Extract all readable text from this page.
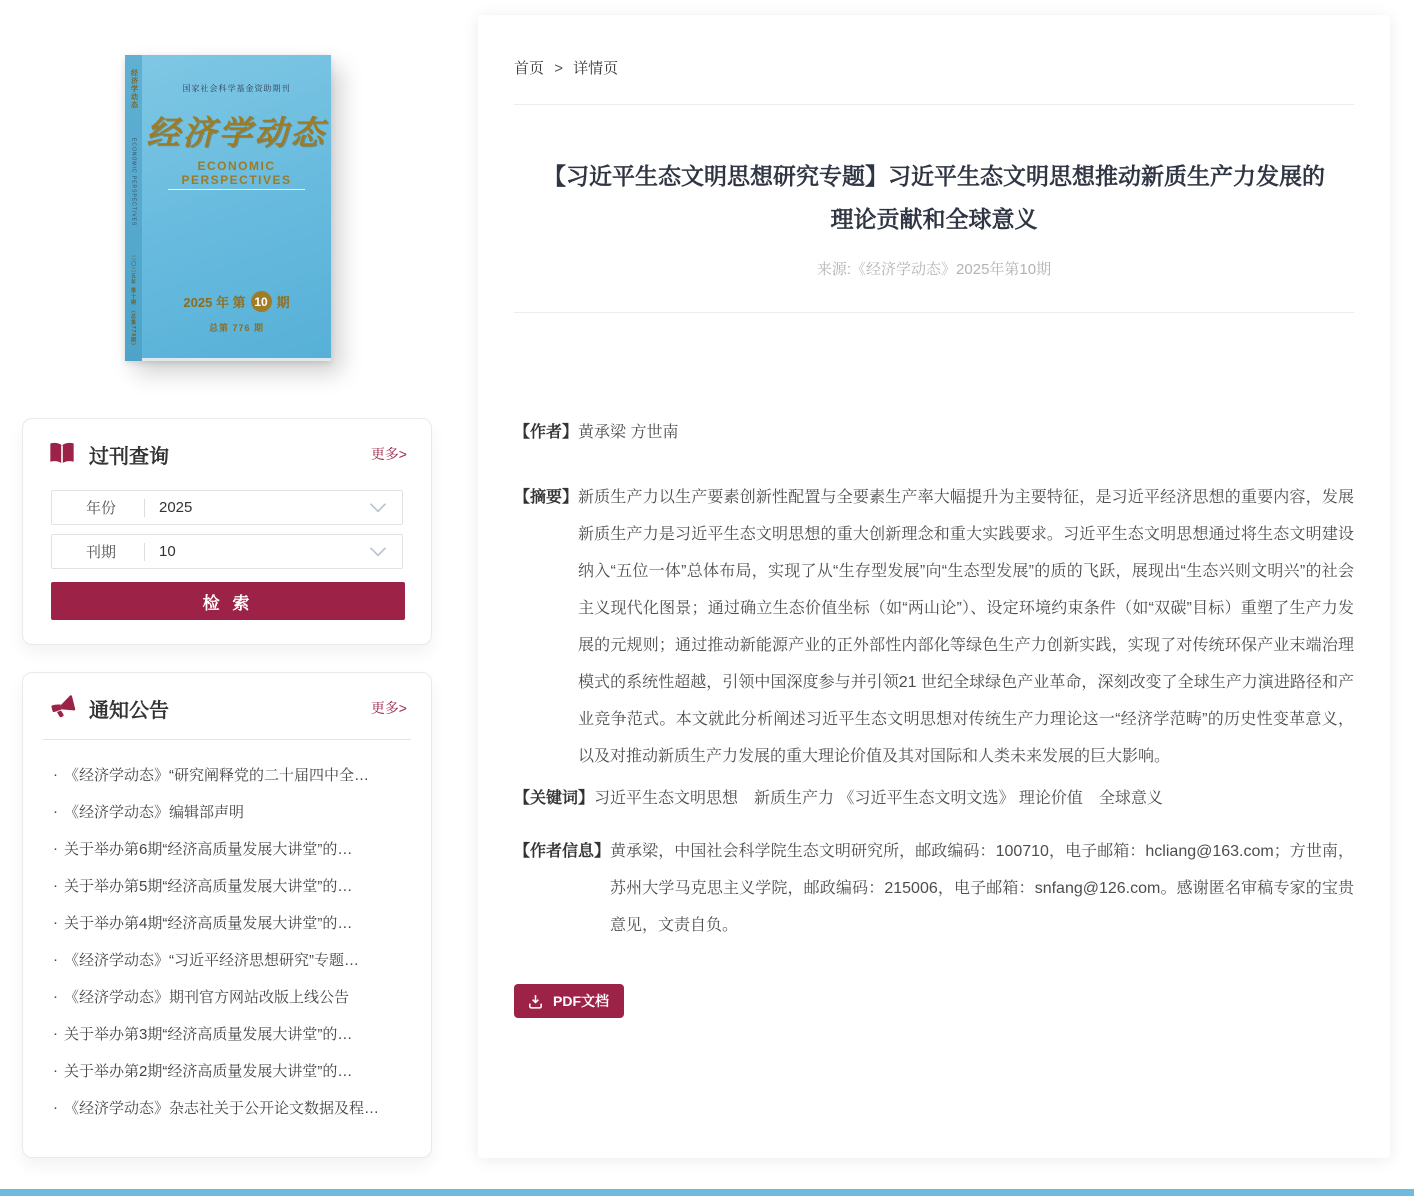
经济学动态
ECONOMIC PERSPECTIVES
二〇二五年 第十期 （总第776期）
国家社会科学基金资助期刊
经济学动态
ECONOMIC PERSPECTIVES
2025 年 第 10 期
总第 776 期
过刊查询	更多>
年份	2025
刊期	10
检 索
通知公告	更多>
· 《经济学动态》“研究阐释党的二十届四中全…
· 《经济学动态》编辑部声明
· 关于举办第6期“经济高质量发展大讲堂”的…
· 关于举办第5期“经济高质量发展大讲堂”的…
· 关于举办第4期“经济高质量发展大讲堂”的…
· 《经济学动态》“习近平经济思想研究”专题…
· 《经济学动态》期刊官方网站改版上线公告
· 关于举办第3期“经济高质量发展大讲堂”的…
· 关于举办第2期“经济高质量发展大讲堂”的…
· 《经济学动态》杂志社关于公开论文数据及程…
首页 > 详情页
【习近平生态文明思想研究专题】习近平生态文明思想推动新质生产力发展的理论贡献和全球意义
来源:《经济学动态》2025年第10期
【作者】 黄承梁 方世南
【摘要】 新质生产力以生产要素创新性配置与全要素生产率大幅提升为主要特征，是习近平经济思想的重要内容，发展新质生产力是习近平生态文明思想的重大创新理念和重大实践要求。习近平生态文明思想通过将生态文明建设纳入“五位一体”总体布局，实现了从“生存型发展”向“生态型发展”的质的飞跃，展现出“生态兴则文明兴”的社会主义现代化图景；通过确立生态价值坐标（如“两山论”）、设定环境约束条件（如“双碳”目标）重塑了生产力发展的元规则；通过推动新能源产业的正外部性内部化等绿色生产力创新实践，实现了对传统环保产业末端治理模式的系统性超越，引领中国深度参与并引领21 世纪全球绿色产业革命，深刻改变了全球生产力演进路径和产业竞争范式。本文就此分析阐述习近平生态文明思想对传统生产力理论这一“经济学范畴”的历史性变革意义，以及对推动新质生产力发展的重大理论价值及其对国际和人类未来发展的巨大影响。
【关键词】 习近平生态文明思想　新质生产力 《习近平生态文明文选》 理论价值　全球意义
【作者信息】 黄承梁，中国社会科学院生态文明研究所，邮政编码：100710，电子邮箱：hcliang@163.com；方世南，苏州大学马克思主义学院，邮政编码：215006，电子邮箱：snfang@126.com。感谢匿名审稿专家的宝贵意见，文责自负。
PDF文档
